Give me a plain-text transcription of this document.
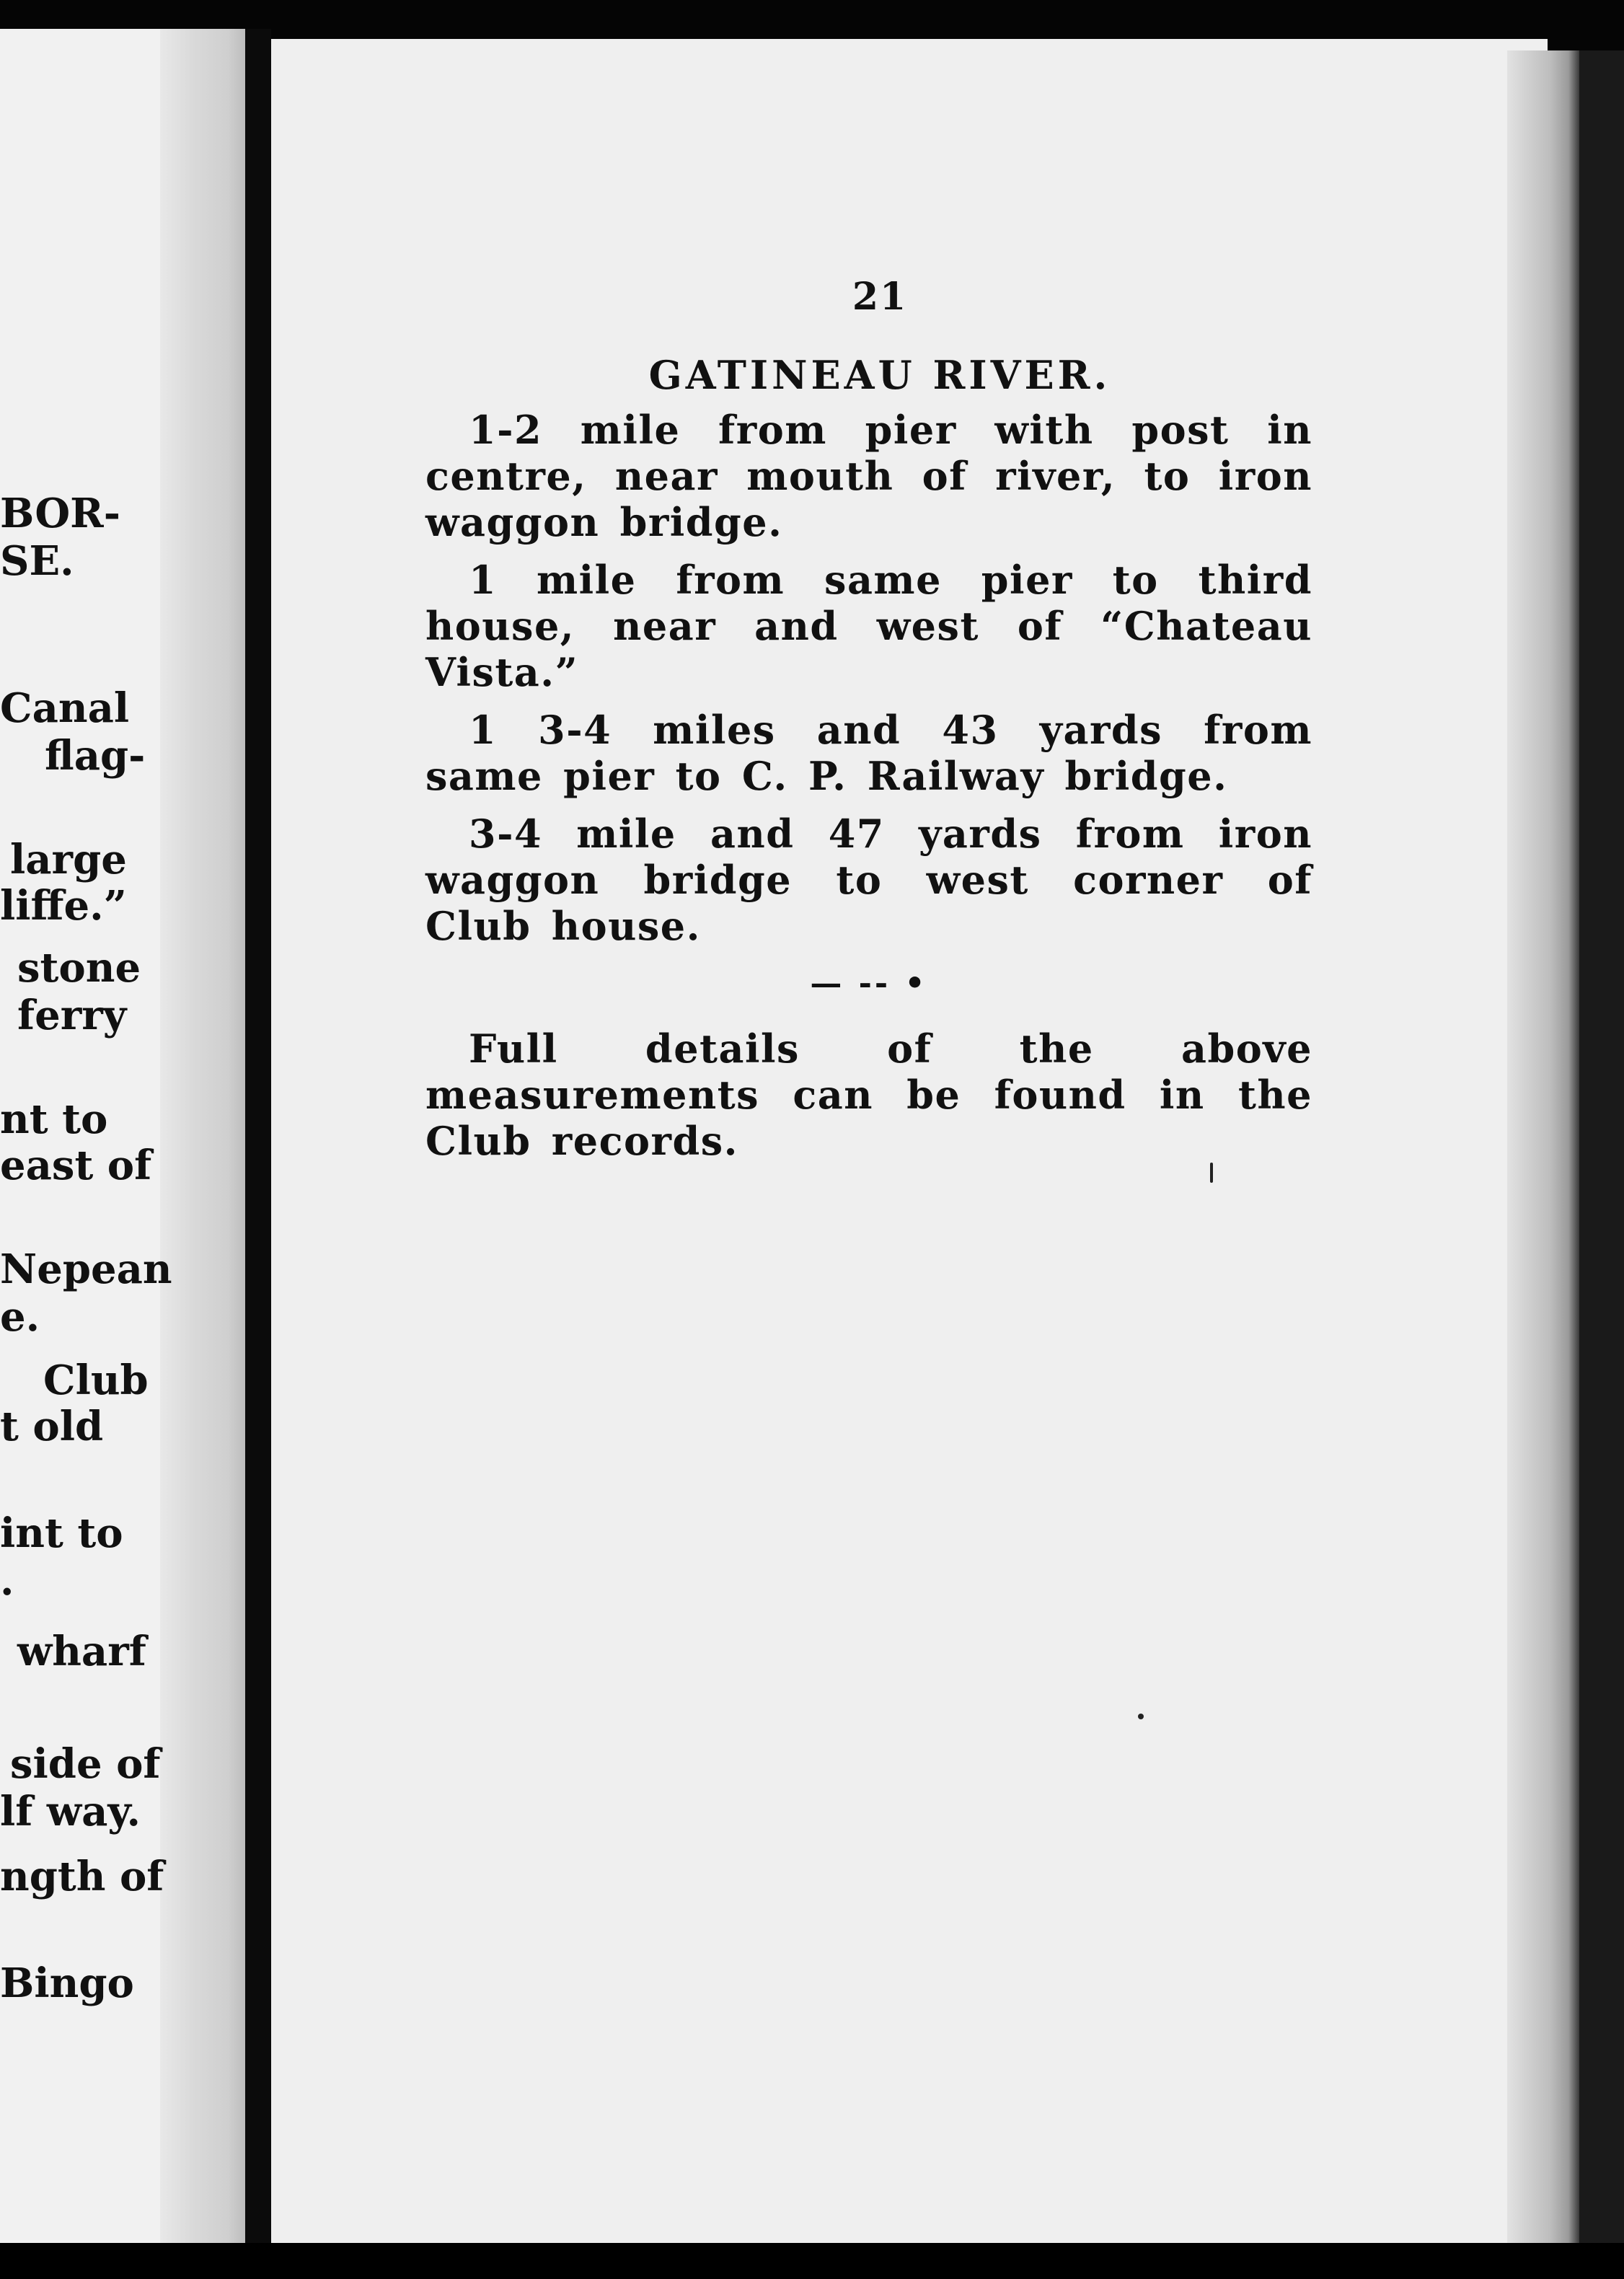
BOR-
SE.
Canal
flag-
large
liffe.”
stone
ferry
nt to
east of
Nepean
e.
Club
t old
int to
.
wharf
side of
lf way.
ngth of
Bingo
21
GATINEAU RIVER.

1-2 mile from pier with post in centre, near mouth of river, to iron waggon bridge.

1 mile from same pier to third house, near and west of “Chateau Vista.”

1 3-4 miles and 43 yards from same pier to C. P. Railway bridge.

3-4 mile and 47 yards from iron waggon bridge to west corner of Club house.

— -- •

Full details of the above measurements can be found in the Club records.
